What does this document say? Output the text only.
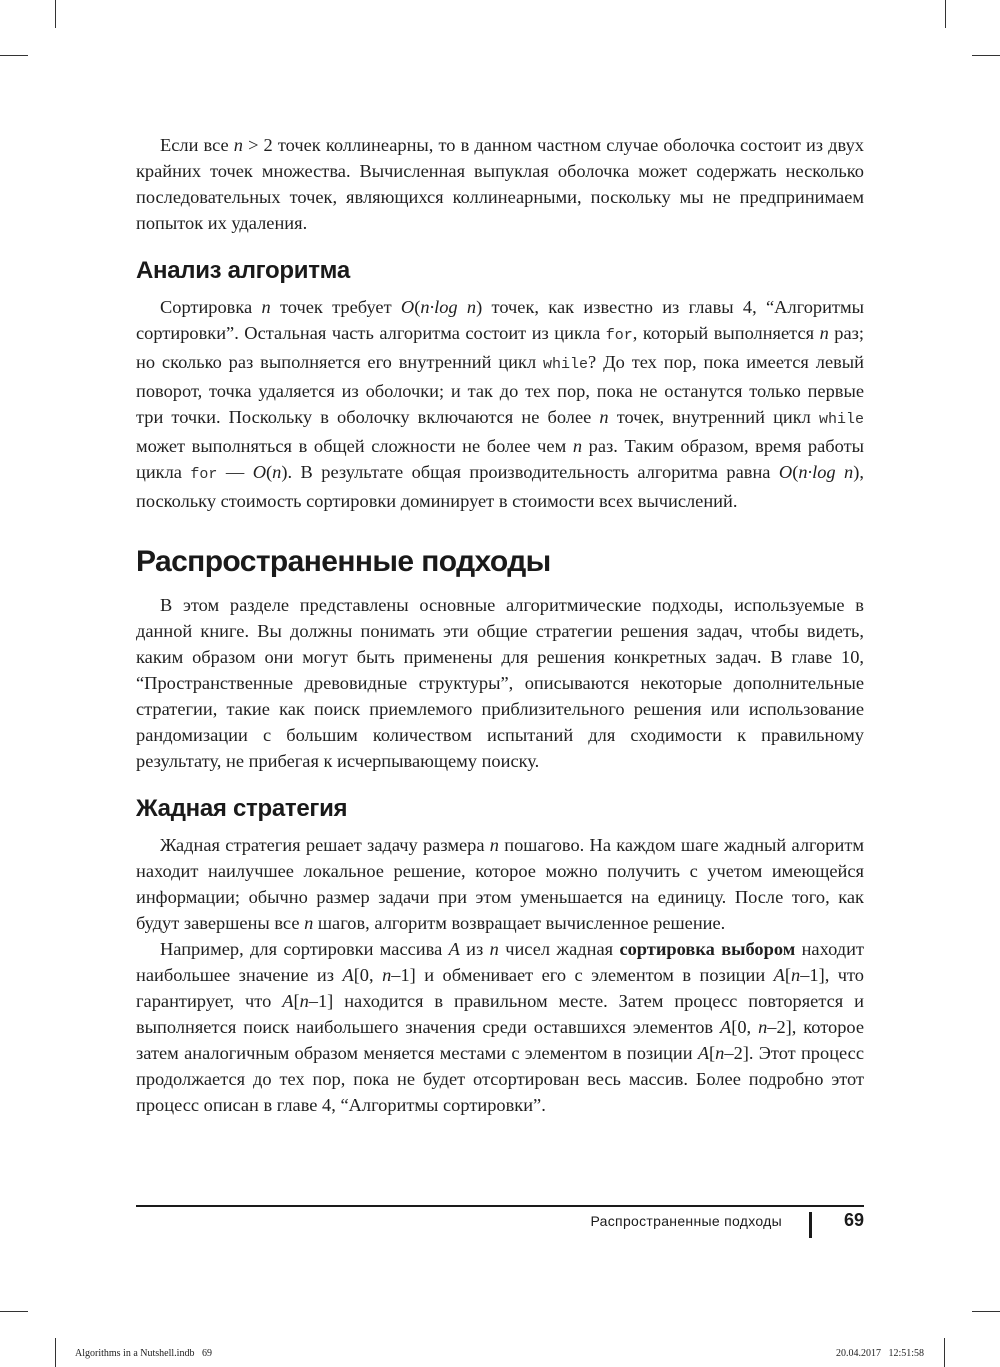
Если все n > 2 точек коллинеарны, то в данном частном случае оболочка состоит из двух крайних точек множества. Вычисленная выпуклая оболочка может содержать несколько последовательных точек, являющихся коллинеарными, поскольку мы не предпринимаем попыток их удаления.

Анализ алгоритма

Сортировка n точек требует O(n·log n) точек, как известно из главы 4, “Алгоритмы сортировки”. Остальная часть алгоритма состоит из цикла for, который выполняется n раз; но сколько раз выполняется его внутренний цикл while? До тех пор, пока имеется левый поворот, точка удаляется из оболочки; и так до тех пор, пока не останутся только первые три точки. Поскольку в оболочку включаются не более n точек, внутренний цикл while может выполняться в общей сложности не более чем n раз. Таким образом, время работы цикла for — O(n). В результате общая производительность алгоритма равна O(n·log n), поскольку стоимость сортировки доминирует в стоимости всех вычислений.

Распространенные подходы

В этом разделе представлены основные алгоритмические подходы, используемые в данной книге. Вы должны понимать эти общие стратегии решения задач, чтобы видеть, каким образом они могут быть применены для решения конкретных задач. В главе 10, “Пространственные древовидные структуры”, описываются некоторые дополнительные стратегии, такие как поиск приемлемого приблизительного решения или использование рандомизации с большим количеством испытаний для сходимости к правильному результату, не прибегая к исчерпывающему поиску.

Жадная стратегия

Жадная стратегия решает задачу размера n пошагово. На каждом шаге жадный алгоритм находит наилучшее локальное решение, которое можно получить с учетом имеющейся информации; обычно размер задачи при этом уменьшается на единицу. После того, как будут завершены все n шагов, алгоритм возвращает вычисленное решение.

Например, для сортировки массива A из n чисел жадная сортировка выбором находит наибольшее значение из A[0, n–1] и обменивает его с элементом в позиции A[n–1], что гарантирует, что A[n–1] находится в правильном месте. Затем процесс повторяется и выполняется поиск наибольшего значения среди оставшихся элементов A[0, n–2], которое затем аналогичным образом меняется местами с элементом в позиции A[n–2]. Этот процесс продолжается до тех пор, пока не будет отсортирован весь массив. Более подробно этот процесс описан в главе 4, “Алгоритмы сортировки”.

Распространенные подходы	69
Algorithms in a Nutshell.indb   69	20.04.2017   12:51:58
